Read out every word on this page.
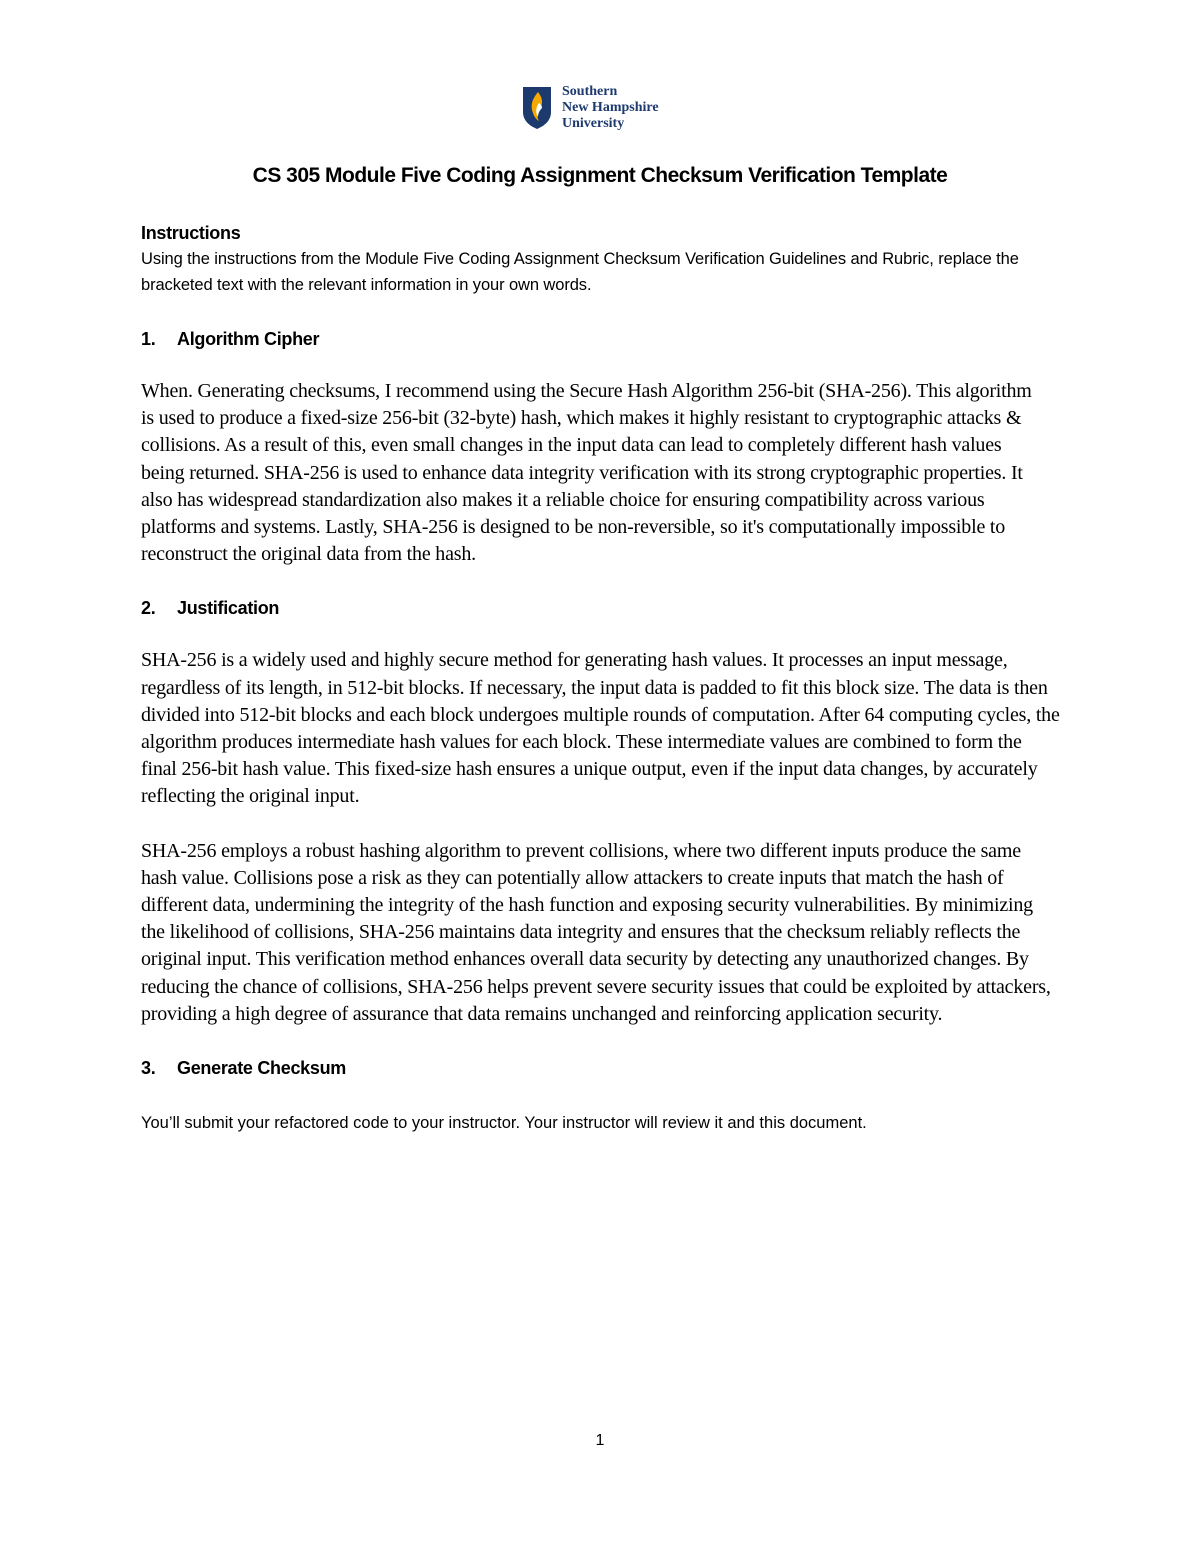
Southern
New Hampshire
University
CS 305 Module Five Coding Assignment Checksum Verification Template

Instructions

Using the instructions from the Module Five Coding Assignment Checksum Verification Guidelines and Rubric, replace the bracketed text with the relevant information in your own words.

1.	Algorithm Cipher

When. Generating checksums, I recommend using the Secure Hash Algorithm 256-bit (SHA-256). This algorithm is used to produce a fixed-size 256-bit (32-byte) hash, which makes it highly resistant to cryptographic attacks & collisions. As a result of this, even small changes in the input data can lead to completely different hash values being returned. SHA-256 is used to enhance data integrity verification with its strong cryptographic properties. It also has widespread standardization also makes it a reliable choice for ensuring compatibility across various platforms and systems. Lastly, SHA-256 is designed to be non-reversible, so it's computationally impossible to reconstruct the original data from the hash.

2.	Justification

SHA-256 is a widely used and highly secure method for generating hash values. It processes an input message, regardless of its length, in 512-bit blocks. If necessary, the input data is padded to fit this block size. The data is then divided into 512-bit blocks and each block undergoes multiple rounds of computation. After 64 computing cycles, the algorithm produces intermediate hash values for each block. These intermediate values are combined to form the final 256-bit hash value. This fixed-size hash ensures a unique output, even if the input data changes, by accurately reflecting the original input.

SHA-256 employs a robust hashing algorithm to prevent collisions, where two different inputs produce the same hash value. Collisions pose a risk as they can potentially allow attackers to create inputs that match the hash of different data, undermining the integrity of the hash function and exposing security vulnerabilities. By minimizing the likelihood of collisions, SHA-256 maintains data integrity and ensures that the checksum reliably reflects the original input. This verification method enhances overall data security by detecting any unauthorized changes. By reducing the chance of collisions, SHA-256 helps prevent severe security issues that could be exploited by attackers, providing a high degree of assurance that data remains unchanged and reinforcing application security.

3.	Generate Checksum

You’ll submit your refactored code to your instructor. Your instructor will review it and this document.

1
